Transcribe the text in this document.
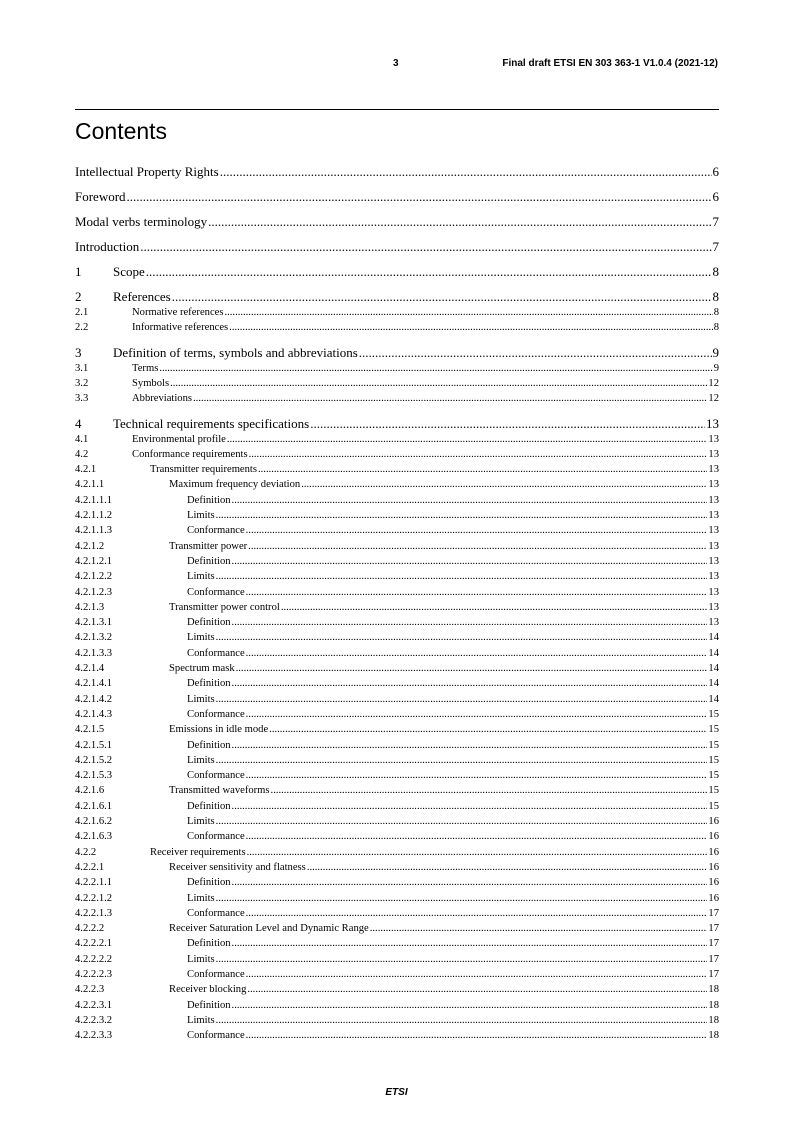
3	Final draft ETSI EN 303 363-1 V1.0.4 (2021-12)
Contents
Intellectual Property Rights .....	6
Foreword .....	6
Modal verbs terminology .....	7
Introduction .....	7
1	Scope .....	8
2	References .....	8
2.1	Normative references .....	8
2.2	Informative references .....	8
3	Definition of terms, symbols and abbreviations .....	9
3.1	Terms .....	9
3.2	Symbols .....	12
3.3	Abbreviations .....	12
4	Technical requirements specifications .....	13
4.1	Environmental profile .....	13
4.2	Conformance requirements .....	13
4.2.1	Transmitter requirements .....	13
4.2.1.1	Maximum frequency deviation .....	13
4.2.1.1.1	Definition .....	13
4.2.1.1.2	Limits .....	13
4.2.1.1.3	Conformance .....	13
4.2.1.2	Transmitter power .....	13
4.2.1.2.1	Definition .....	13
4.2.1.2.2	Limits .....	13
4.2.1.2.3	Conformance .....	13
4.2.1.3	Transmitter power control .....	13
4.2.1.3.1	Definition .....	13
4.2.1.3.2	Limits .....	14
4.2.1.3.3	Conformance .....	14
4.2.1.4	Spectrum mask .....	14
4.2.1.4.1	Definition .....	14
4.2.1.4.2	Limits .....	14
4.2.1.4.3	Conformance .....	15
4.2.1.5	Emissions in idle mode .....	15
4.2.1.5.1	Definition .....	15
4.2.1.5.2	Limits .....	15
4.2.1.5.3	Conformance .....	15
4.2.1.6	Transmitted waveforms .....	15
4.2.1.6.1	Definition .....	15
4.2.1.6.2	Limits .....	16
4.2.1.6.3	Conformance .....	16
4.2.2	Receiver requirements .....	16
4.2.2.1	Receiver sensitivity and flatness .....	16
4.2.2.1.1	Definition .....	16
4.2.2.1.2	Limits .....	16
4.2.2.1.3	Conformance .....	17
4.2.2.2	Receiver Saturation Level and Dynamic Range .....	17
4.2.2.2.1	Definition .....	17
4.2.2.2.2	Limits .....	17
4.2.2.2.3	Conformance .....	17
4.2.2.3	Receiver blocking .....	18
4.2.2.3.1	Definition .....	18
4.2.2.3.2	Limits .....	18
4.2.2.3.3	Conformance .....	18
ETSI
